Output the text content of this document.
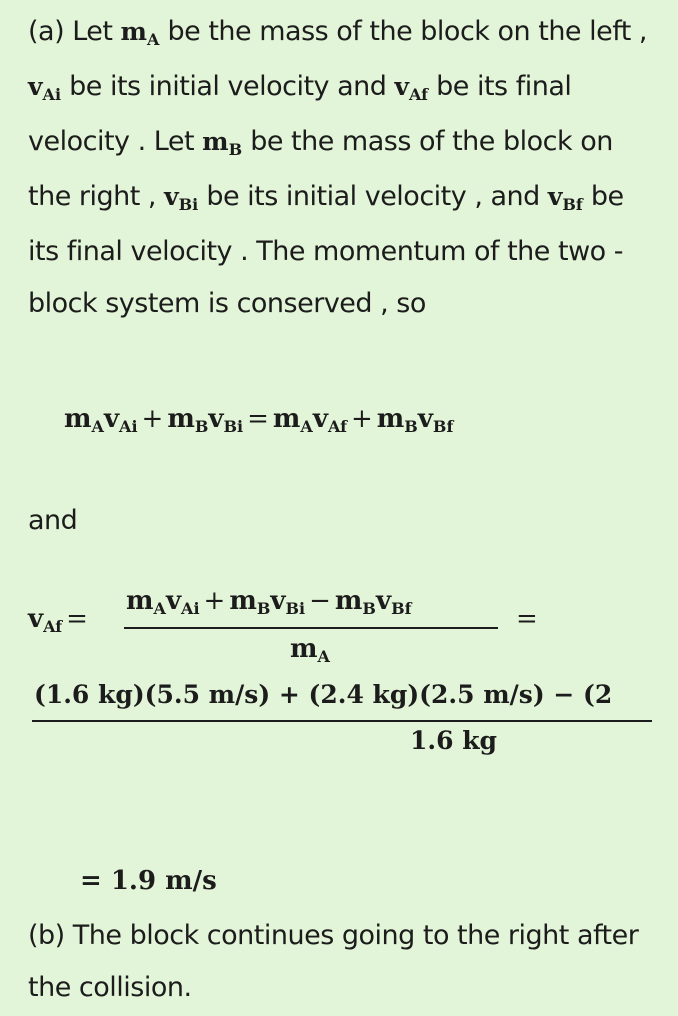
(a) Let $m_A$ be the mass of the block on the left , $v_{Ai}$ be its initial velocity and $v_{Af}$ be its final velocity . Let $m_B$ be the mass of the block on the right , $v_{Bi}$ be its initial velocity , and $v_{Bf}$ be its final velocity . The momentum of the two -block system is conserved , so
mAvAi + mBvBi = mAvAf + mBvBf
and
vAf =
mAvAi + mBvBi − mBvBf
mA
=
(1.6 kg)(5.5 m/s) + (2.4 kg)(2.5 m/s) − (2
1.6 kg
= 1.9 m/s
(b) The block continues going to the right after the collision.
